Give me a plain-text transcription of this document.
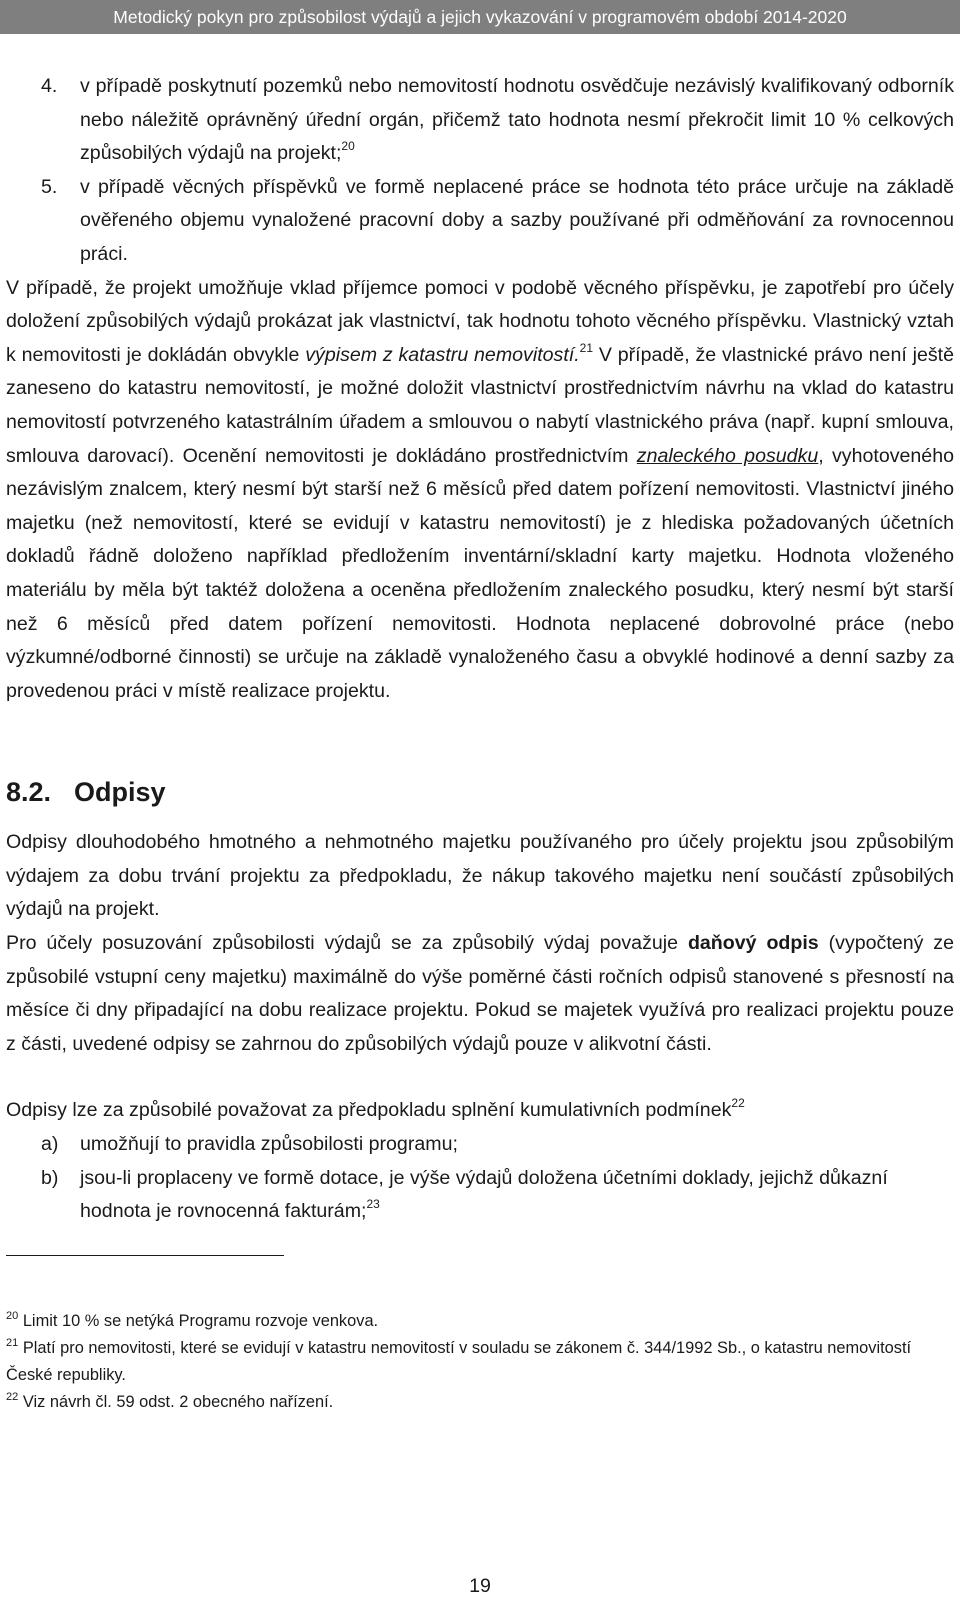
Metodický pokyn pro způsobilost výdajů a jejich vykazování v programovém období 2014-2020
4. v případě poskytnutí pozemků nebo nemovitostí hodnotu osvědčuje nezávislý kvalifikovaný odborník nebo náležitě oprávněný úřední orgán, přičemž tato hodnota nesmí překročit limit 10 % celkových způsobilých výdajů na projekt;$^{20}$
5. v případě věcných příspěvků ve formě neplacené práce se hodnota této práce určuje na základě ověřeného objemu vynaložené pracovní doby a sazby používané při odměňování za rovnocennou práci.

V případě, že projekt umožňuje vklad příjemce pomoci v podobě věcného příspěvku, je zapotřebí pro účely doložení způsobilých výdajů prokázat jak vlastnictví, tak hodnotu tohoto věcného příspěvku. Vlastnický vztah k nemovitosti je dokládán obvykle výpisem z katastru nemovitostí.$^{21}$ V případě, že vlastnické právo není ještě zaneseno do katastru nemovitostí, je možné doložit vlastnictví prostřednictvím návrhu na vklad do katastru nemovitostí potvrzeného katastrálním úřadem a smlouvou o nabytí vlastnického práva (např. kupní smlouva, smlouva darovací). Ocenění nemovitosti je dokládáno prostřednictvím znaleckého posudku, vyhotoveného nezávislým znalcem, který nesmí být starší než 6 měsíců před datem pořízení nemovitosti. Vlastnictví jiného majetku (než nemovitostí, které se evidují v katastru nemovitostí) je z hlediska požadovaných účetních dokladů řádně doloženo například předložením inventární/skladní karty majetku. Hodnota vloženého materiálu by měla být taktéž doložena a oceněna předložením znaleckého posudku, který nesmí být starší než 6 měsíců před datem pořízení nemovitosti. Hodnota neplacené dobrovolné práce (nebo výzkumné/odborné činnosti) se určuje na základě vynaloženého času a obvyklé hodinové a denní sazby za provedenou práci v místě realizace projektu.

8.2. Odpisy

Odpisy dlouhodobého hmotného a nehmotného majetku používaného pro účely projektu jsou způsobilým výdajem za dobu trvání projektu za předpokladu, že nákup takového majetku není součástí způsobilých výdajů na projekt.

Pro účely posuzování způsobilosti výdajů se za způsobilý výdaj považuje daňový odpis (vypočtený ze způsobilé vstupní ceny majetku) maximálně do výše poměrné části ročních odpisů stanovené s přesností na měsíce či dny připadající na dobu realizace projektu. Pokud se majetek využívá pro realizaci projektu pouze z části, uvedené odpisy se zahrnou do způsobilých výdajů pouze v alikvotní části.

Odpisy lze za způsobilé považovat za předpokladu splnění kumulativních podmínek$^{22}$

a) umožňují to pravidla způsobilosti programu;
b) jsou-li proplaceny ve formě dotace, je výše výdajů doložena účetními doklady, jejichž důkazní hodnota je rovnocenná fakturám;$^{23}$
$^{20}$ Limit 10 % se netýká Programu rozvoje venkova.
$^{21}$ Platí pro nemovitosti, které se evidují v katastru nemovitostí v souladu se zákonem č. 344/1992 Sb., o katastru nemovitostí České republiky.
$^{22}$ Viz návrh čl. 59 odst. 2 obecného nařízení.
19
